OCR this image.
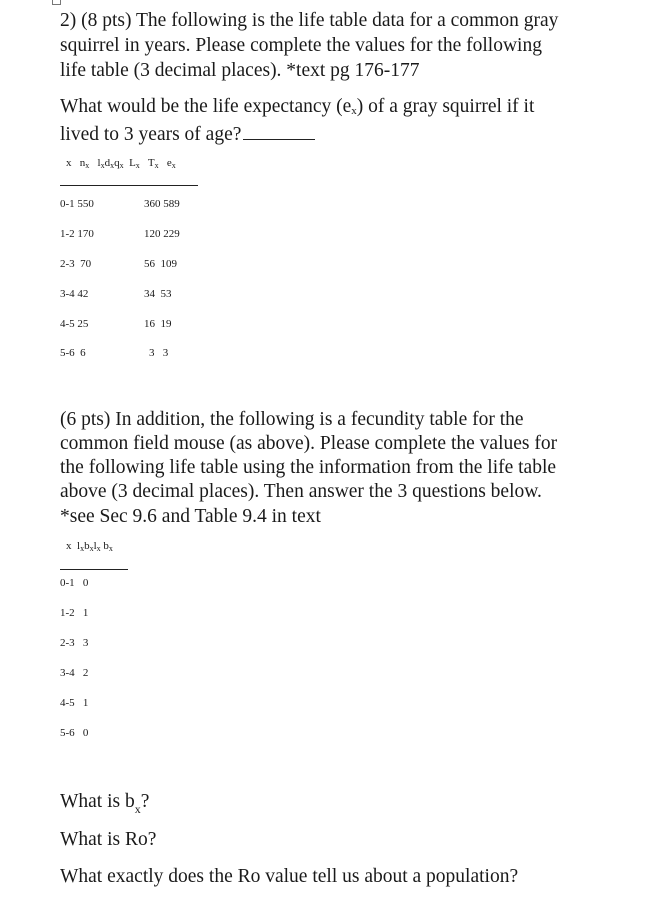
2) (8 pts) The following is the life table data for a common gray
squirrel in years. Please complete the values for the following
life table (3 decimal places). *text pg 176-177
What would be the life expectancy (ex) of a gray squirrel if it
lived to 3 years of age?
x $n_x$ $l_xd_xq_x$ $L_x$ $T_x$ $e_x$
0-1 550	360 589
1-2 170	120 229
2-3 70	56 109
3-4 42	34 53
4-5 25	16 19
5-6 6	3 3
(6 pts) In addition, the following is a fecundity table for the
common field mouse (as above). Please complete the values for
the following life table using the information from the life table
above (3 decimal places). Then answer the 3 questions below.
*see Sec 9.6 and Table 9.4 in text
x $l_xb_xl_x$ $b_x$
0-1 0
1-2 1
2-3 3
3-4 2
4-5 1
5-6 0
What is $b_x$?
What is Ro?
What exactly does the Ro value tell us about a population?
